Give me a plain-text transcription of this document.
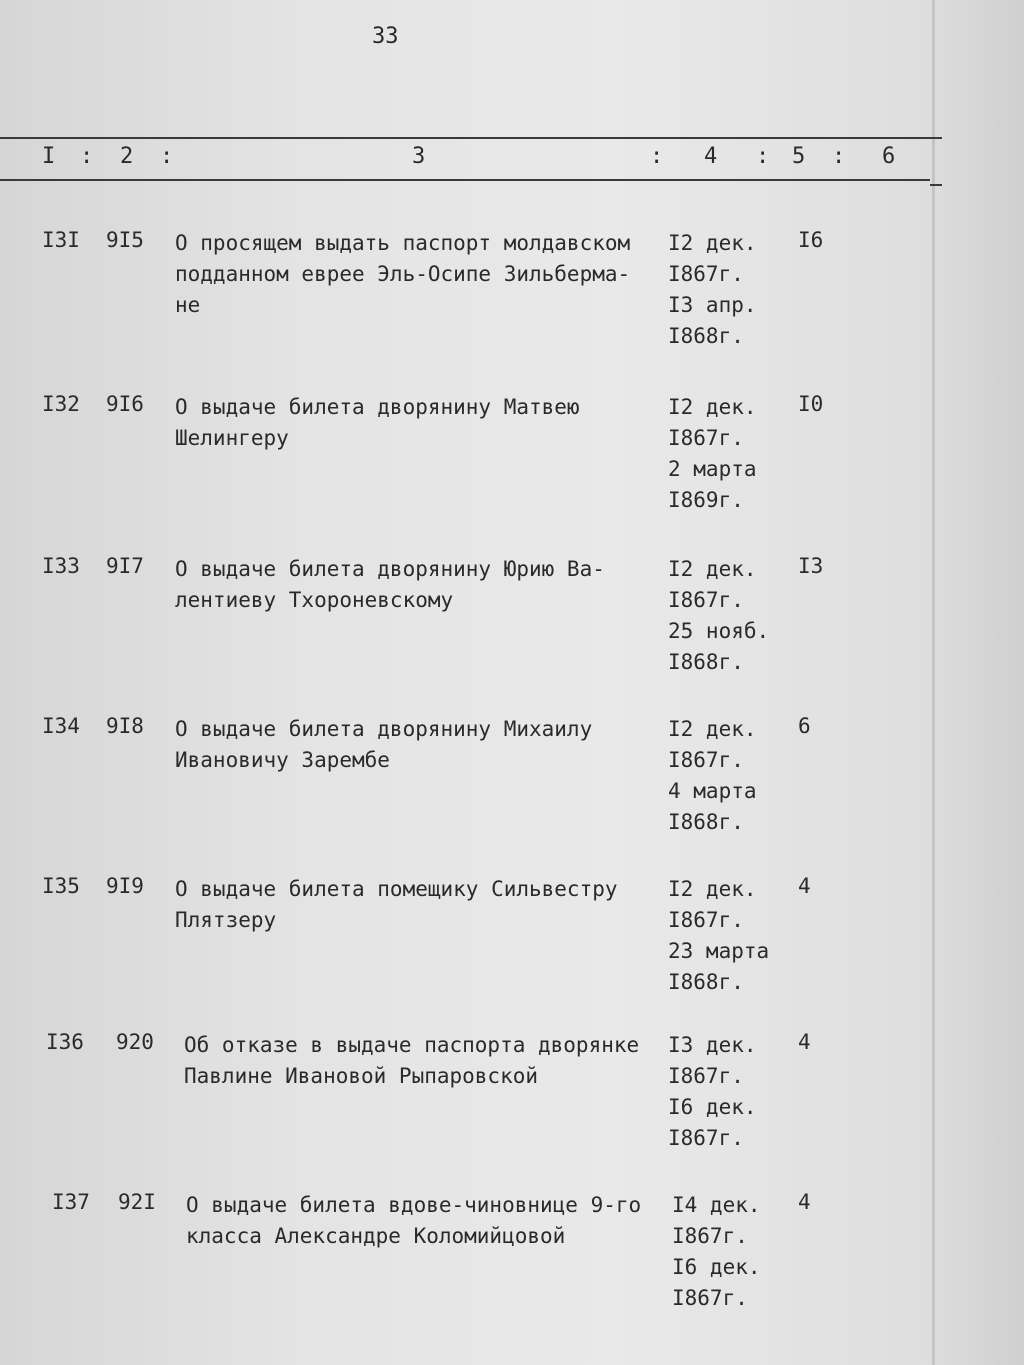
33
I : 2 :	3	: 4 : 5 : 6
I3I 9I5 О просящем выдать паспорт молдавском
подданном еврее Эль-Осипе Зильберма-
не
I2 дек.
I867г.
I3 апр.
I868г.
I6
I32 9I6 О выдаче билета дворянину Матвею
Шелингеру
I2 дек.
I867г.
2 марта
I869г.
I0
I33 9I7 О выдаче билета дворянину Юрию Ва-
лентиеву Тхороневскому
I2 дек.
I867г.
25 нояб.
I868г.
I3
I34 9I8 О выдаче билета дворянину Михаилу
Ивановичу Зарембе
I2 дек.
I867г.
4 марта
I868г.
6
I35 9I9 О выдаче билета помещику Сильвестру
Плятзеру
I2 дек.
I867г.
23 марта
I868г.
4
I36 920 Об отказе в выдаче паспорта дворянке
Павлине Ивановой Рыпаровской
I3 дек.
I867г.
I6 дек.
I867г.
4
I37 92I О выдаче билета вдове-чиновнице 9-го
класса Александре Коломийцовой
I4 дек.
I867г.
I6 дек.
I867г.
4
